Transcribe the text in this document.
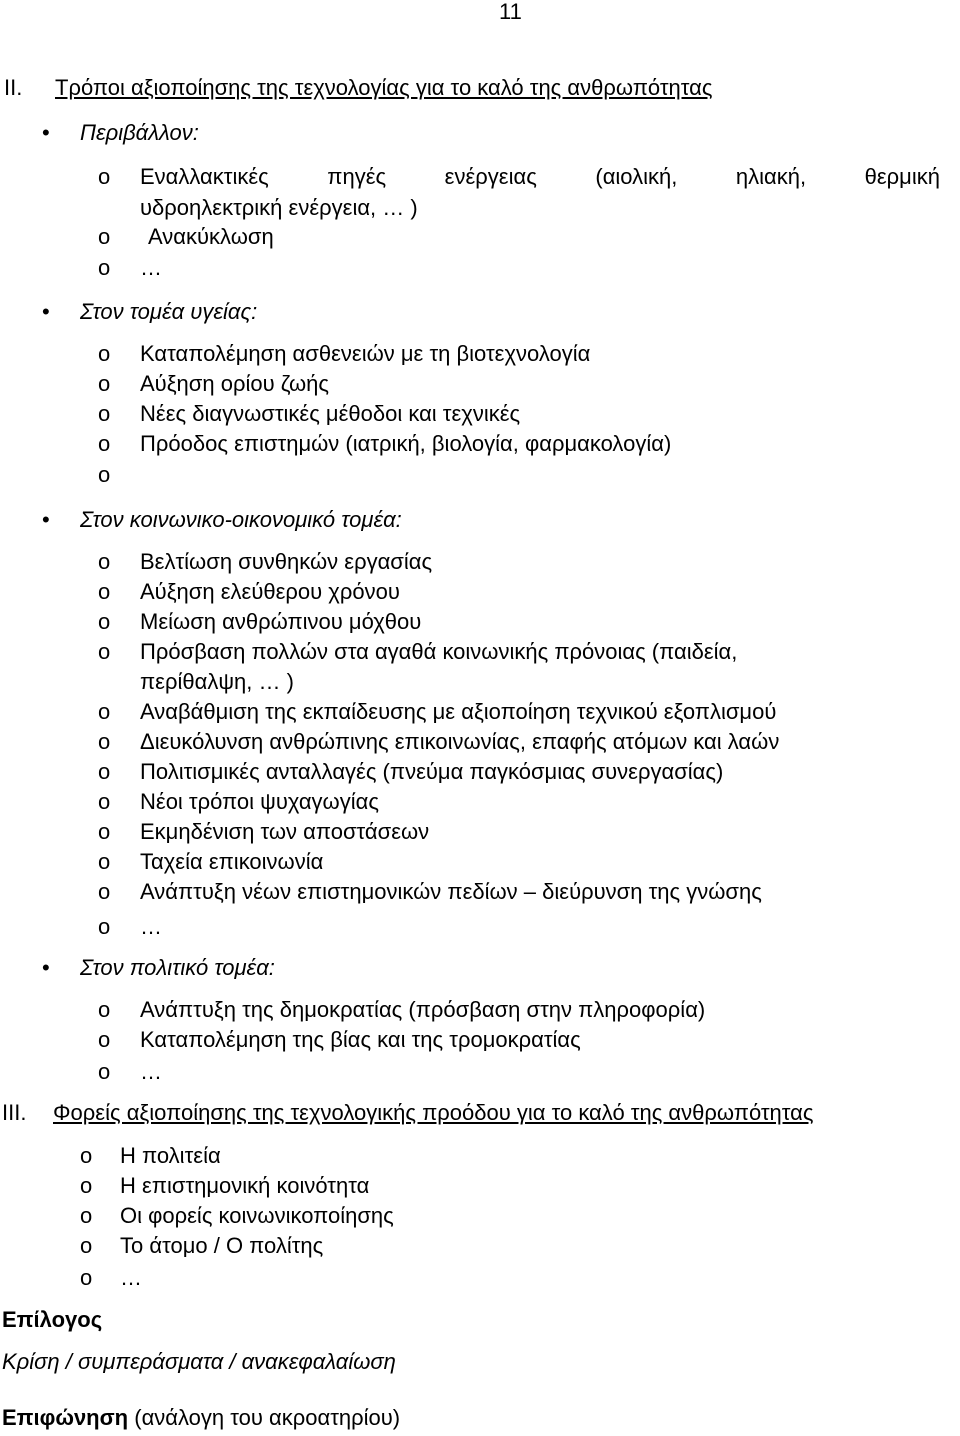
11
II. Τρόποι αξιοποίησης της τεχνολογίας για το καλό της ανθρωπότητας
• Περιβάλλον:
o Εναλλακτικές πηγές ενέργειας (αιολική, ηλιακή, θερμική
υδροηλεκτρική ενέργεια, … )
o Ανακύκλωση
o …
• Στον τομέα υγείας:
o Καταπολέμηση ασθενειών με τη βιοτεχνολογία
o Αύξηση ορίου ζωής
o Νέες διαγνωστικές μέθοδοι και τεχνικές
o Πρόοδος επιστημών (ιατρική, βιολογία, φαρμακολογία)
o
• Στον κοινωνικο-οικονομικό τομέα:
o Βελτίωση συνθηκών εργασίας
o Αύξηση ελεύθερου χρόνου
o Μείωση ανθρώπινου μόχθου
o Πρόσβαση πολλών στα αγαθά κοινωνικής πρόνοιας (παιδεία,
περίθαλψη, … )
o Αναβάθμιση της εκπαίδευσης με αξιοποίηση τεχνικού εξοπλισμού
o Διευκόλυνση ανθρώπινης επικοινωνίας, επαφής ατόμων και λαών
o Πολιτισμικές ανταλλαγές (πνεύμα παγκόσμιας συνεργασίας)
o Νέοι τρόποι ψυχαγωγίας
o Εκμηδένιση των αποστάσεων
o Ταχεία επικοινωνία
o Ανάπτυξη νέων επιστημονικών πεδίων – διεύρυνση της γνώσης
o …
• Στον πολιτικό τομέα:
o Ανάπτυξη της δημοκρατίας (πρόσβαση στην πληροφορία)
o Καταπολέμηση της βίας και της τρομοκρατίας
o …
III. Φορείς αξιοποίησης της τεχνολογικής προόδου για το καλό της ανθρωπότητας
o Η πολιτεία
o Η επιστημονική κοινότητα
o Οι φορείς κοινωνικοποίησης
o Το άτομο / Ο πολίτης
o …
Επίλογος
Κρίση / συμπεράσματα / ανακεφαλαίωση
Επιφώνηση (ανάλογη του ακροατηρίου)
